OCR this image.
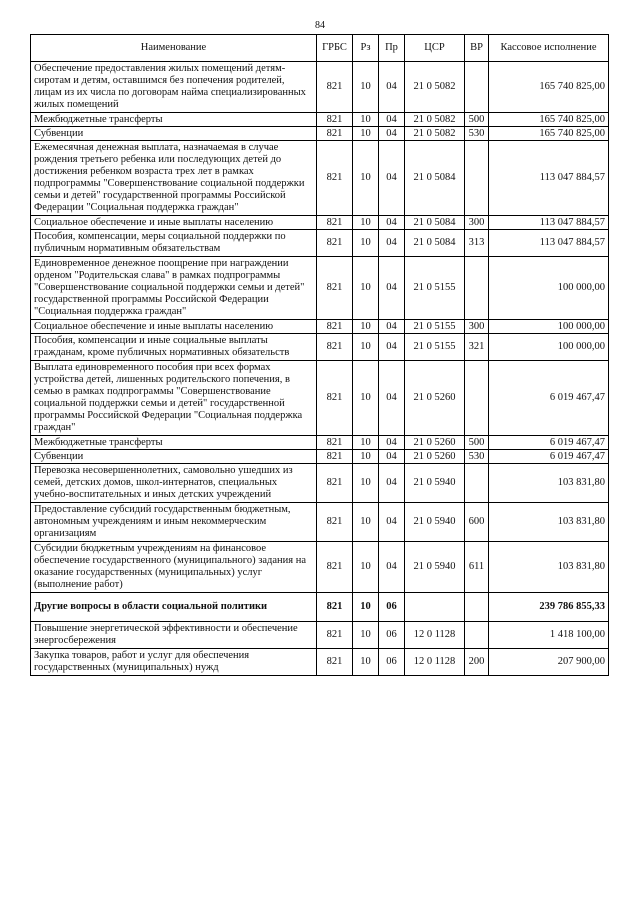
84
Наименование	ГРБС	Рз	Пр	ЦСР	ВР	Кассовое исполнение
Обеспечение предоставления жилых помещений детям-сиротам и детям, оставшимся без попечения родителей, лицам из их числа по договорам найма специализированных жилых помещений	821	10	04	21 0 5082		165 740 825,00
Межбюджетные трансферты	821	10	04	21 0 5082	500	165 740 825,00
Субвенции	821	10	04	21 0 5082	530	165 740 825,00
Ежемесячная денежная выплата, назначаемая в случае рождения третьего ребенка или последующих детей до достижения ребенком возраста трех лет в рамках подпрограммы "Совершенствование социальной поддержки семьи и детей" государственной программы Российской Федерации "Социальная поддержка граждан"	821	10	04	21 0 5084		113 047 884,57
Социальное обеспечение и иные выплаты населению	821	10	04	21 0 5084	300	113 047 884,57
Пособия, компенсации, меры социальной поддержки по публичным нормативным обязательствам	821	10	04	21 0 5084	313	113 047 884,57
Единовременное денежное поощрение при награждении орденом "Родительская слава" в рамках подпрограммы "Совершенствование социальной поддержки семьи и детей" государственной программы Российской Федерации "Социальная поддержка граждан"	821	10	04	21 0 5155		100 000,00
Социальное обеспечение и иные выплаты населению	821	10	04	21 0 5155	300	100 000,00
Пособия, компенсации и иные социальные выплаты гражданам, кроме публичных нормативных обязательств	821	10	04	21 0 5155	321	100 000,00
Выплата единовременного пособия при всех формах устройства детей, лишенных родительского попечения, в семью в рамках подпрограммы "Совершенствование социальной поддержки семьи и детей" государственной программы Российской Федерации "Социальная поддержка граждан"	821	10	04	21 0 5260		6 019 467,47
Межбюджетные трансферты	821	10	04	21 0 5260	500	6 019 467,47
Субвенции	821	10	04	21 0 5260	530	6 019 467,47
Перевозка несовершеннолетних, самовольно ушедших из семей, детских домов, школ-интернатов, специальных учебно-воспитательных и иных детских учреждений	821	10	04	21 0 5940		103 831,80
Предоставление субсидий государственным бюджетным, автономным учреждениям и иным некоммерческим организациям	821	10	04	21 0 5940	600	103 831,80
Субсидии бюджетным учреждениям на финансовое обеспечение государственного (муниципального) задания на оказание государственных (муниципальных) услуг (выполнение работ)	821	10	04	21 0 5940	611	103 831,80
Другие вопросы в области социальной политики	821	10	06			239 786 855,33
Повышение энергетической эффективности и обеспечение энергосбережения	821	10	06	12 0 1128		1 418 100,00
Закупка товаров, работ и услуг для обеспечения государственных (муниципальных) нужд	821	10	06	12 0 1128	200	207 900,00
